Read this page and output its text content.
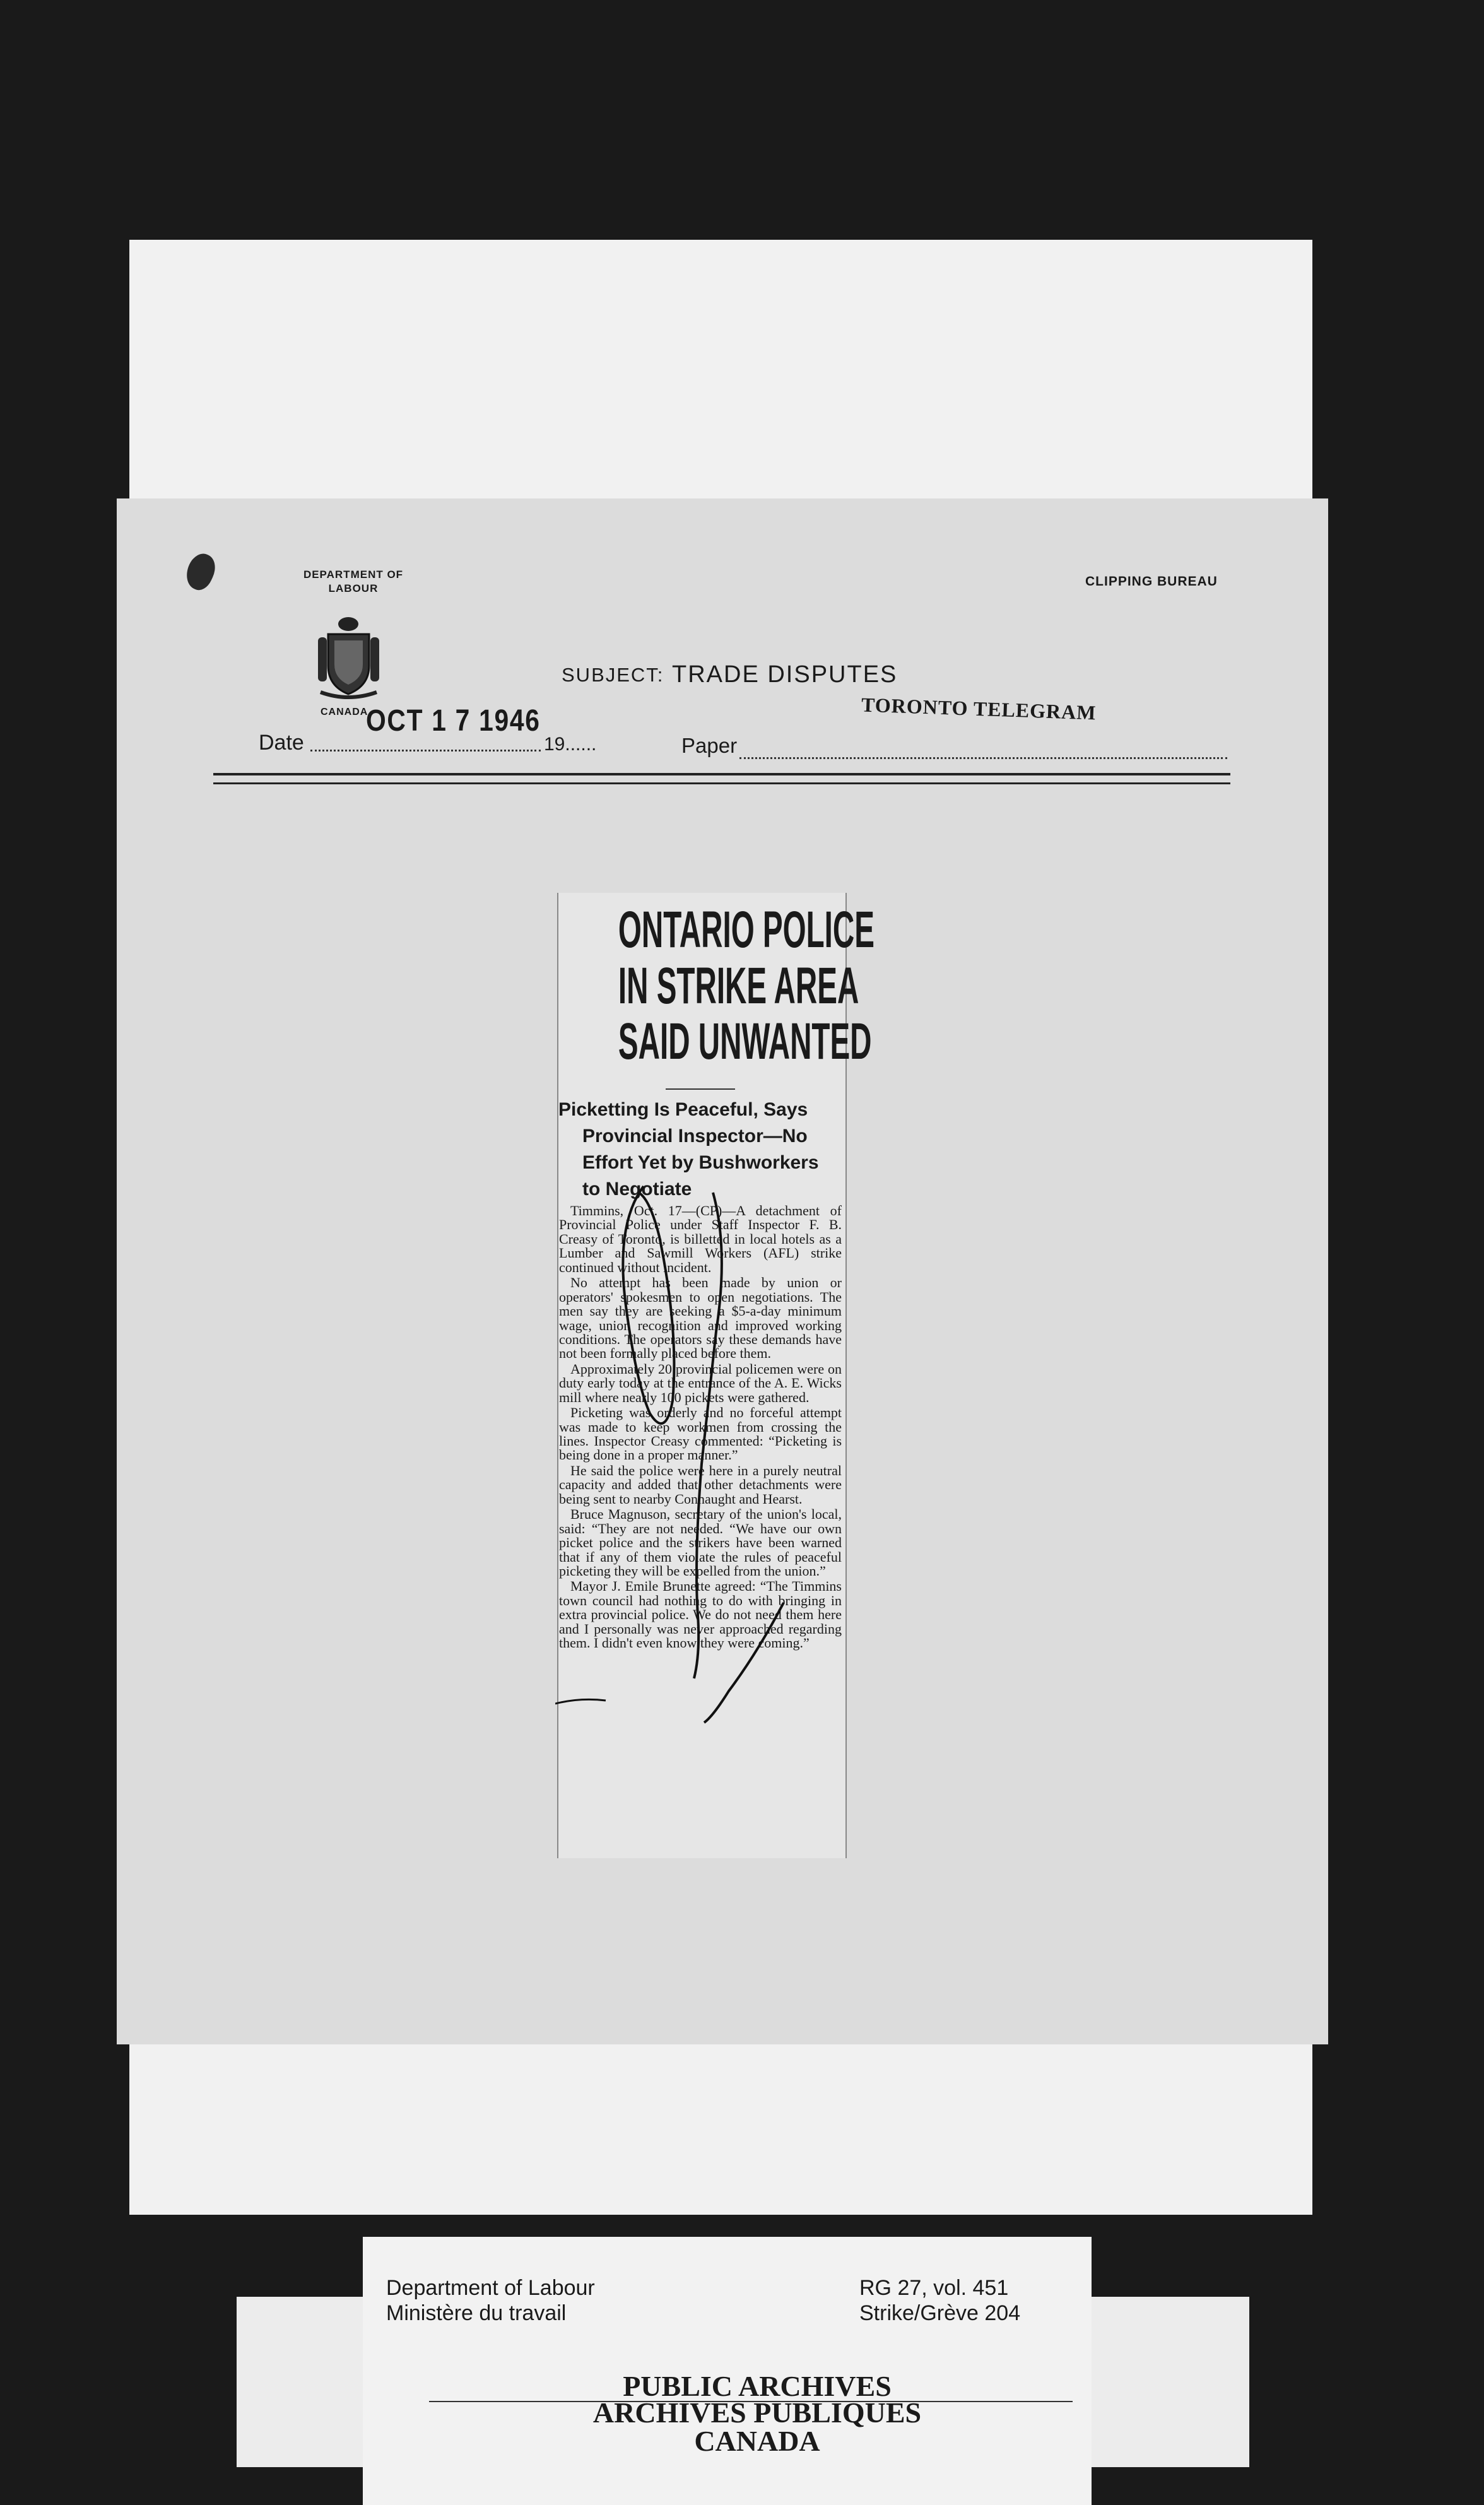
DEPARTMENT OF
LABOUR
CANADA
CLIPPING BUREAU
SUBJECT: TRADE DISPUTES
TORONTO TELEGRAM
Date
OCT 1 7 1946
19......	Paper
ONTARIO POLICE
IN STRIKE AREA
SAID UNWANTED
Picketting Is Peaceful, Says
Provincial Inspector—No
Effort Yet by Bushworkers
to Negotiate

Timmins, Oct. 17—(CP)—A detachment of Provincial Police under Staff Inspector F. B. Creasy of Toronto, is billetted in local hotels as a Lumber and Sawmill Workers (AFL) strike continued without incident.

No attempt has been made by union or operators' spokesmen to open negotiations. The men say they are seeking a $5-a-day minimum wage, union recognition and improved working conditions. The operators say these demands have not been formally placed before them.

Approximately 20 provincial policemen were on duty early today at the entrance of the A. E. Wicks mill where nearly 100 pickets were gathered.

Picketing was orderly and no forceful attempt was made to keep workmen from crossing the lines. Inspector Creasy commented: “Picketing is being done in a proper manner.”

He said the police were here in a purely neutral capacity and added that other detachments were being sent to nearby Connaught and Hearst.

Bruce Magnuson, secretary of the union's local, said: “They are not needed. “We have our own picket police and the strikers have been warned that if any of them violate the rules of peaceful picketing they will be expelled from the union.”

Mayor J. Emile Brunette agreed: “The Timmins town council had nothing to do with bringing in extra provincial police. We do not need them here and I personally was never approached regarding them. I didn't even know they were coming.”

Department of Labour
Ministère du travail
RG 27, vol. 451
Strike/Grève 204
PUBLIC ARCHIVES
ARCHIVES PUBLIQUES
CANADA
